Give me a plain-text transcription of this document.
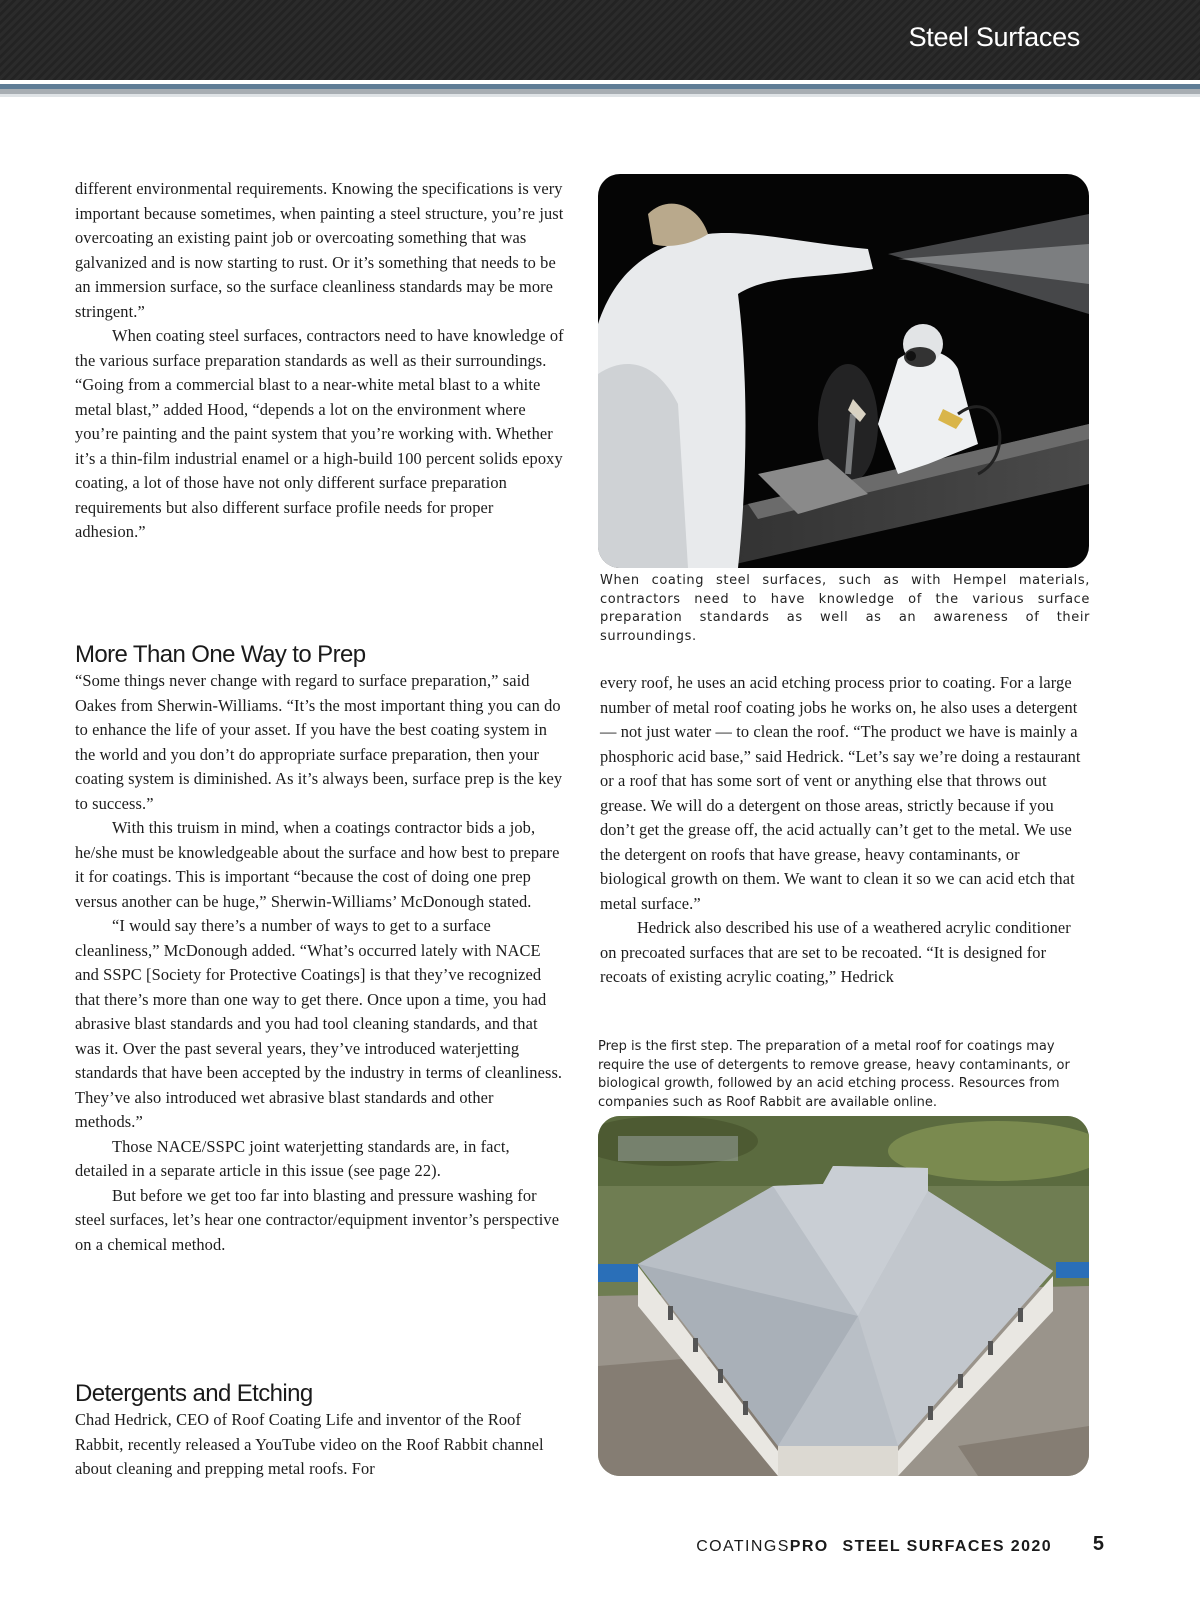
Steel Surfaces

different environmental requirements. Knowing the specifications is very important because sometimes, when painting a steel structure, you’re just overcoating an existing paint job or overcoating something that was galvanized and is now starting to rust. Or it’s something that needs to be an immersion surface, so the surface cleanliness standards may be more stringent.”

When coating steel surfaces, contractors need to have knowledge of the various surface preparation standards as well as their surroundings. “Going from a commercial blast to a near-white metal blast to a white metal blast,” added Hood, “depends a lot on the environment where you’re painting and the paint system that you’re working with. Whether it’s a thin-film industrial enamel or a high-build 100 percent solids epoxy coating, a lot of those have not only different surface preparation requirements but also different surface profile needs for proper adhesion.”

More Than One Way to Prep

“Some things never change with regard to surface preparation,” said Oakes from Sherwin-Williams. “It’s the most important thing you can do to enhance the life of your asset. If you have the best coating system in the world and you don’t do appropriate surface preparation, then your coating system is diminished. As it’s always been, surface prep is the key to success.”

With this truism in mind, when a coatings contractor bids a job, he/she must be knowledgeable about the surface and how best to prepare it for coatings. This is important “because the cost of doing one prep versus another can be huge,” Sherwin-Williams’ McDonough stated.

“I would say there’s a number of ways to get to a surface cleanliness,” McDonough added. “What’s occurred lately with NACE and SSPC [Society for Protective Coatings] is that they’ve recognized that there’s more than one way to get there. Once upon a time, you had abrasive blast standards and you had tool cleaning standards, and that was it. Over the past several years, they’ve introduced waterjetting standards that have been accepted by the industry in terms of cleanliness. They’ve also introduced wet abrasive blast standards and other methods.”

Those NACE/SSPC joint waterjetting standards are, in fact, detailed in a separate article in this issue (see page 22).

But before we get too far into blasting and pressure washing for steel surfaces, let’s hear one contractor/equipment inventor’s perspective on a chemical method.

Detergents and Etching

Chad Hedrick, CEO of Roof Coating Life and inventor of the Roof Rabbit, recently released a YouTube video on the Roof Rabbit channel about cleaning and prepping metal roofs. For

every roof, he uses an acid etching process prior to coating. For a large number of metal roof coating jobs he works on, he also uses a detergent — not just water — to clean the roof. “The product we have is mainly a phosphoric acid base,” said Hedrick. “Let’s say we’re doing a restaurant or a roof that has some sort of vent or anything else that throws out grease. We will do a detergent on those areas, strictly because if you don’t get the grease off, the acid actually can’t get to the metal. We use the detergent on roofs that have grease, heavy contaminants, or biological growth on them. We want to clean it so we can acid etch that metal surface.”

Hedrick also described his use of a weathered acrylic conditioner on precoated surfaces that are set to be recoated. “It is designed for recoats of existing acrylic coating,” Hedrick

When coating steel surfaces, such as with Hempel materials, contractors need to have knowledge of the various surface preparation standards as well as an awareness of their surroundings.
Prep is the first step. The preparation of a metal roof for coatings may require the use of detergents to remove grease, heavy contaminants, or biological growth, followed by an acid etching process. Resources from companies such as Roof Rabbit are available online.
COATINGSPRO STEEL SURFACES 2020 5
